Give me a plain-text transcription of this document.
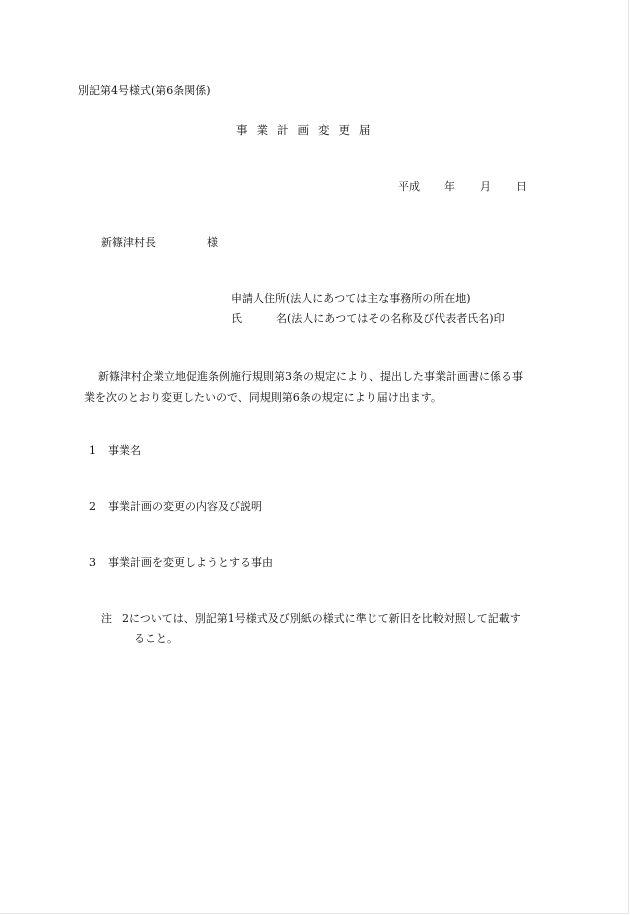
別記第4号様式(第6条関係)
事業計画変更届
平成 年 月 日
新篠津村長	様
申請人住所(法人にあつては主な事務所の所在地)
氏	名(法人にあつてはその名称及び代表者氏名)印
新篠津村企業立地促進条例施行規則第3条の規定により、提出した事業計画書に係る事
業を次のとおり変更したいので、同規則第6条の規定により届け出ます。
1 事業名
2 事業計画の変更の内容及び説明
3 事業計画を変更しようとする事由
注 2については、別記第1号様式及び別紙の様式に準じて新旧を比較対照して記載す
ること。
